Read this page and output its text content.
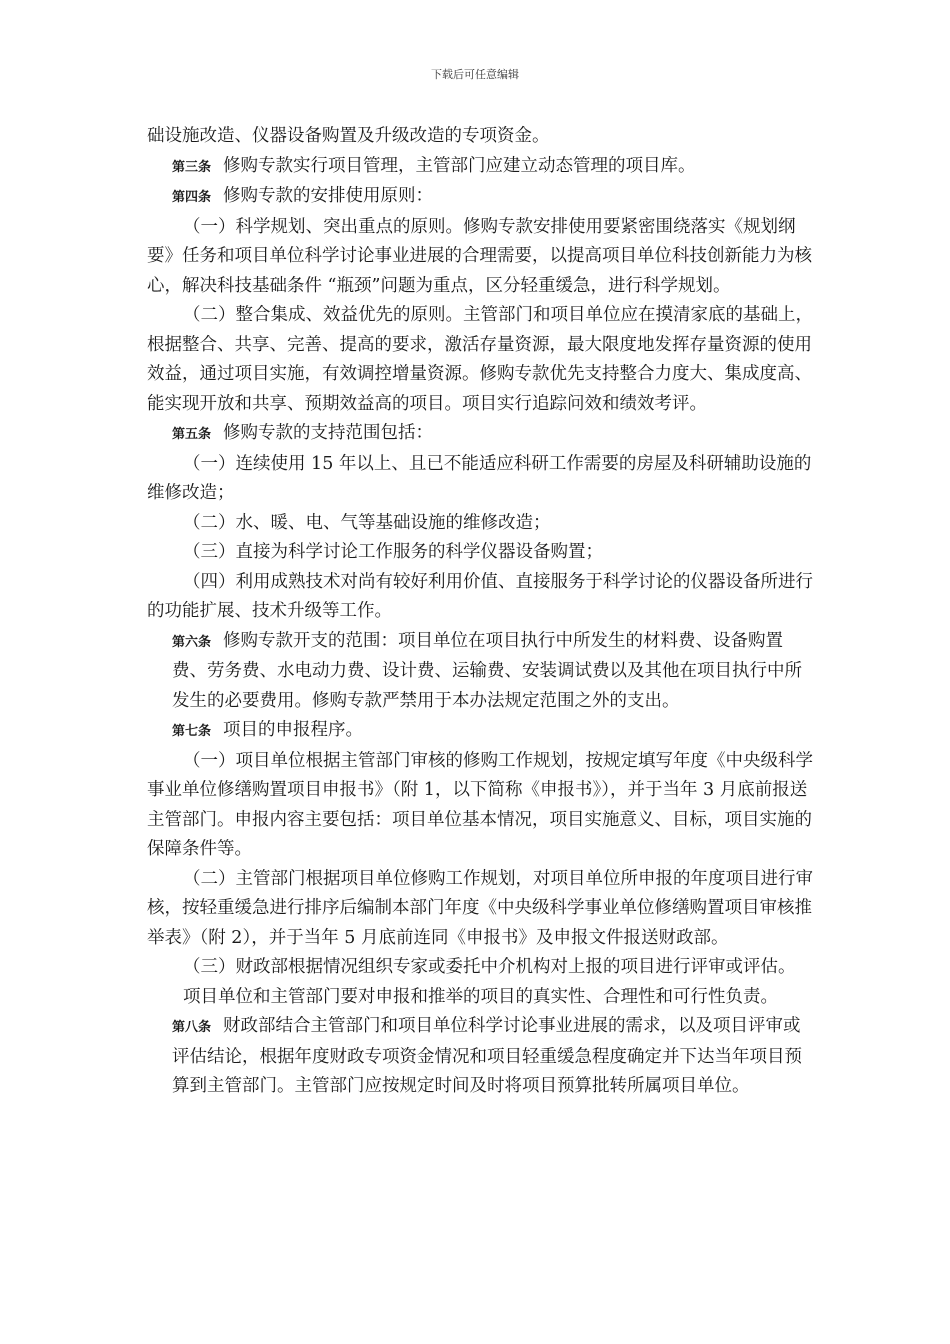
下载后可任意编辑

础设施改造、仪器设备购置及升级改造的专项资金。

第三条 修购专款实行项目管理，主管部门应建立动态管理的项目库。

第四条 修购专款的安排使用原则：

（一）科学规划、突出重点的原则。修购专款安排使用要紧密围绕落实《规划纲要》任务和项目单位科学讨论事业进展的合理需要，以提高项目单位科技创新能力为核心，解决科技基础条件 “瓶颈”问题为重点，区分轻重缓急，进行科学规划。

（二）整合集成、效益优先的原则。主管部门和项目单位应在摸清家底的基础上，根据整合、共享、完善、提高的要求，激活存量资源，最大限度地发挥存量资源的使用效益，通过项目实施，有效调控增量资源。修购专款优先支持整合力度大、集成度高、能实现开放和共享、预期效益高的项目。项目实行追踪问效和绩效考评。

第五条 修购专款的支持范围包括：

（一）连续使用 15 年以上、且已不能适应科研工作需要的房屋及科研辅助设施的维修改造；

（二）水、暖、电、气等基础设施的维修改造；

（三）直接为科学讨论工作服务的科学仪器设备购置；

（四）利用成熟技术对尚有较好利用价值、直接服务于科学讨论的仪器设备所进行的功能扩展、技术升级等工作。

第六条 修购专款开支的范围：项目单位在项目执行中所发生的材料费、设备购置费、劳务费、水电动力费、设计费、运输费、安装调试费以及其他在项目执行中所发生的必要费用。修购专款严禁用于本办法规定范围之外的支出。

第七条 项目的申报程序。

（一）项目单位根据主管部门审核的修购工作规划，按规定填写年度《中央级科学事业单位修缮购置项目申报书》（附 1，以下简称《申报书》），并于当年 3 月底前报送主管部门。申报内容主要包括：项目单位基本情况，项目实施意义、目标，项目实施的保障条件等。

（二）主管部门根据项目单位修购工作规划，对项目单位所申报的年度项目进行审核，按轻重缓急进行排序后编制本部门年度《中央级科学事业单位修缮购置项目审核推举表》（附 2），并于当年 5 月底前连同《申报书》及申报文件报送财政部。

（三）财政部根据情况组织专家或委托中介机构对上报的项目进行评审或评估。

项目单位和主管部门要对申报和推举的项目的真实性、合理性和可行性负责。

第八条 财政部结合主管部门和项目单位科学讨论事业进展的需求，以及项目评审或评估结论，根据年度财政专项资金情况和项目轻重缓急程度确定并下达当年项目预算到主管部门。主管部门应按规定时间及时将项目预算批转所属项目单位。
